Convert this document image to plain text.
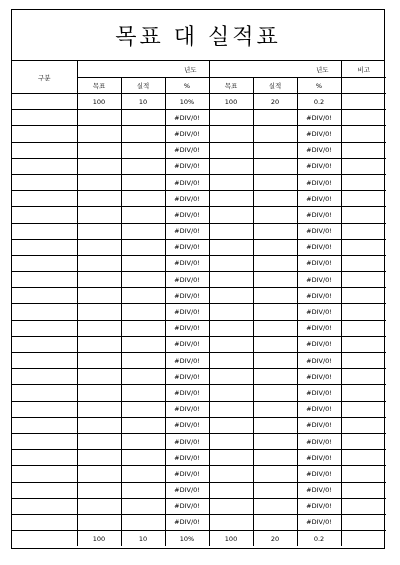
목표 대 실적표
구분	년도			년도			비고
	목표	실적	%	목표	실적	%	
	100	10	10%	100	20	0.2	
			#DIV/0!			#DIV/0!	
			#DIV/0!			#DIV/0!	
			#DIV/0!			#DIV/0!	
			#DIV/0!			#DIV/0!	
			#DIV/0!			#DIV/0!	
			#DIV/0!			#DIV/0!	
			#DIV/0!			#DIV/0!	
			#DIV/0!			#DIV/0!	
			#DIV/0!			#DIV/0!	
			#DIV/0!			#DIV/0!	
			#DIV/0!			#DIV/0!	
			#DIV/0!			#DIV/0!	
			#DIV/0!			#DIV/0!	
			#DIV/0!			#DIV/0!	
			#DIV/0!			#DIV/0!	
			#DIV/0!			#DIV/0!	
			#DIV/0!			#DIV/0!	
			#DIV/0!			#DIV/0!	
			#DIV/0!			#DIV/0!	
			#DIV/0!			#DIV/0!	
			#DIV/0!			#DIV/0!	
			#DIV/0!			#DIV/0!	
			#DIV/0!			#DIV/0!	
			#DIV/0!			#DIV/0!	
			#DIV/0!			#DIV/0!	
			#DIV/0!			#DIV/0!	
	100	10	10%	100	20	0.2	
